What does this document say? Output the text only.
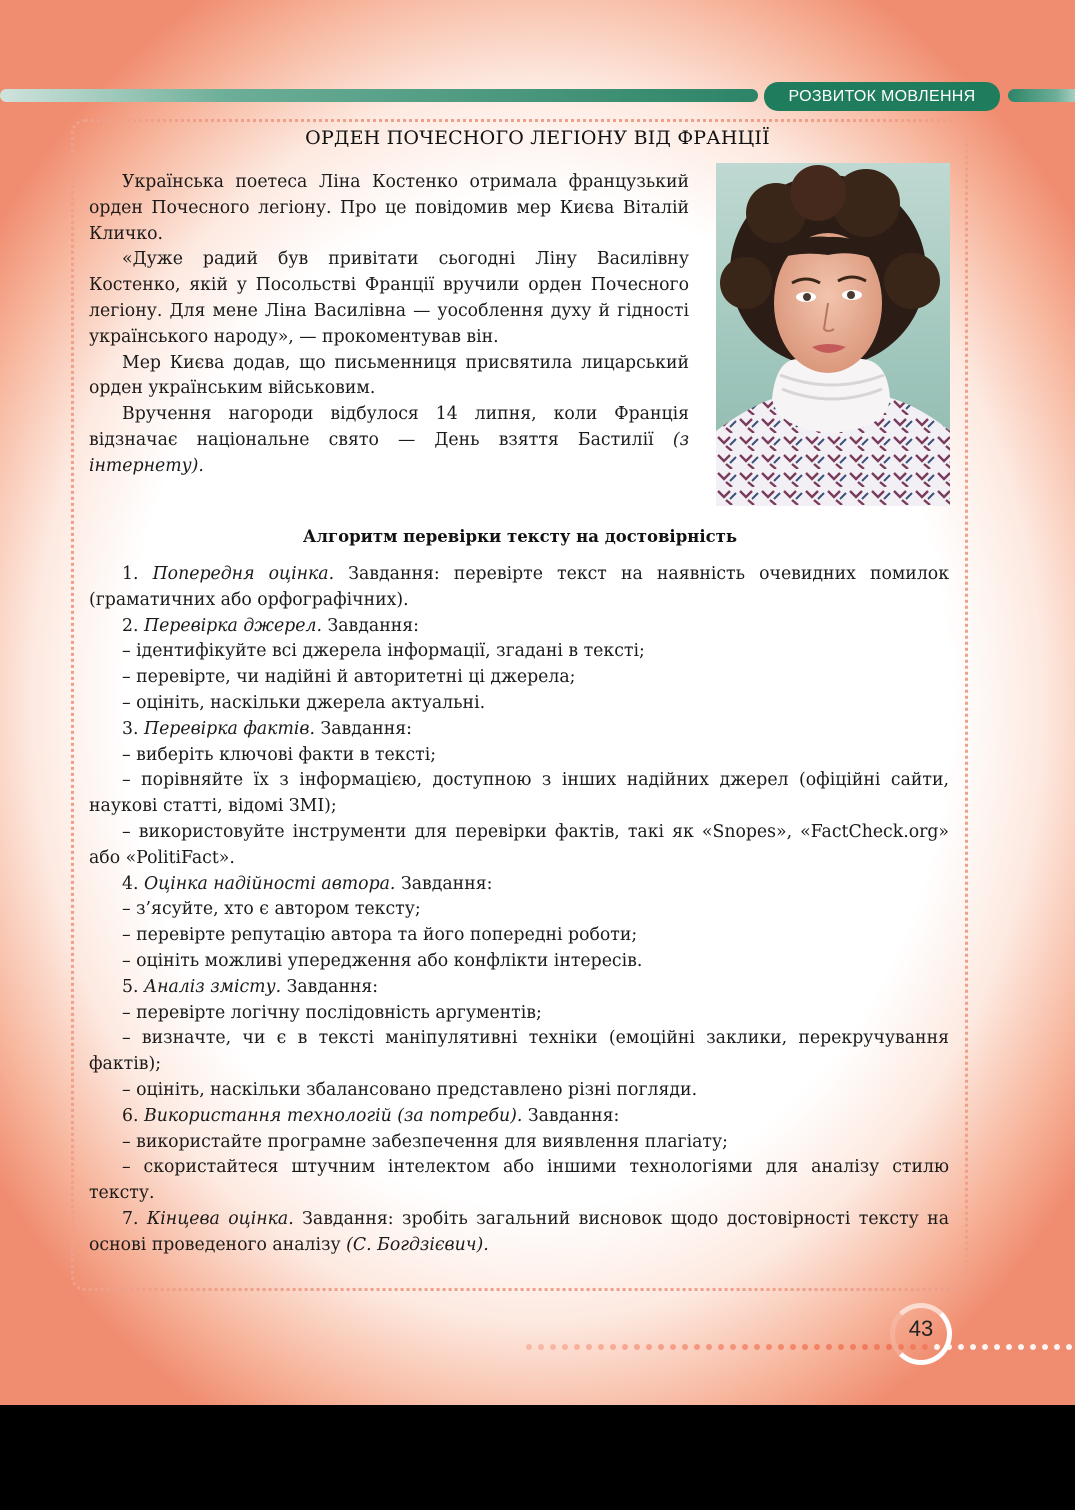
РОЗВИТОК МОВЛЕННЯ
ОРДЕН ПОЧЕСНОГО ЛЕГІОНУ ВІД ФРАНЦІЇ

Українська поетеса Ліна Костенко отримала французький орден Почесного легіону. Про це повідомив мер Києва Віталій Кличко.

«Дуже радий був привітати сьогодні Ліну Василівну Костенко, якій у Посольстві Франції вручили орден Почесного легіону. Для мене Ліна Василівна — уособлення духу й гідності українського народу», — прокоментував він.

Мер Києва додав, що письменниця присвятила лицарський орден українським військовим.

Вручення нагороди відбулося 14 липня, коли Франція відзначає національне свято — День взяття Бастилії (з інтернету).

Алгоритм перевірки тексту на достовірність

1. Попередня оцінка. Завдання: перевірте текст на наявність очевидних помилок (граматичних або орфографічних).

2. Перевірка джерел. Завдання:

– ідентифікуйте всі джерела інформації, згадані в тексті;

– перевірте, чи надійні й авторитетні ці джерела;

– оцініть, наскільки джерела актуальні.

3. Перевірка фактів. Завдання:

– виберіть ключові факти в тексті;

– порівняйте їх з інформацією, доступною з інших надійних джерел (офіційні сайти, наукові статті, відомі ЗМІ);

– використовуйте інструменти для перевірки фактів, такі як «Snopes», «FactCheck.org» або «PolitiFact».

4. Оцінка надійності автора. Завдання:

– з’ясуйте, хто є автором тексту;

– перевірте репутацію автора та його попередні роботи;

– оцініть можливі упередження або конфлікти інтересів.

5. Аналіз змісту. Завдання:

– перевірте логічну послідовність аргументів;

– визначте, чи є в тексті маніпулятивні техніки (емоційні заклики, перекручування фактів);

– оцініть, наскільки збалансовано представлено різні погляди.

6. Використання технологій (за потреби). Завдання:

– використайте програмне забезпечення для виявлення плагіату;

– скористайтеся штучним інтелектом або іншими технологіями для аналізу стилю тексту.

7. Кінцева оцінка. Завдання: зробіть загальний висновок щодо достовірності тексту на основі проведеного аналізу (С. Богдзієвич).

43
